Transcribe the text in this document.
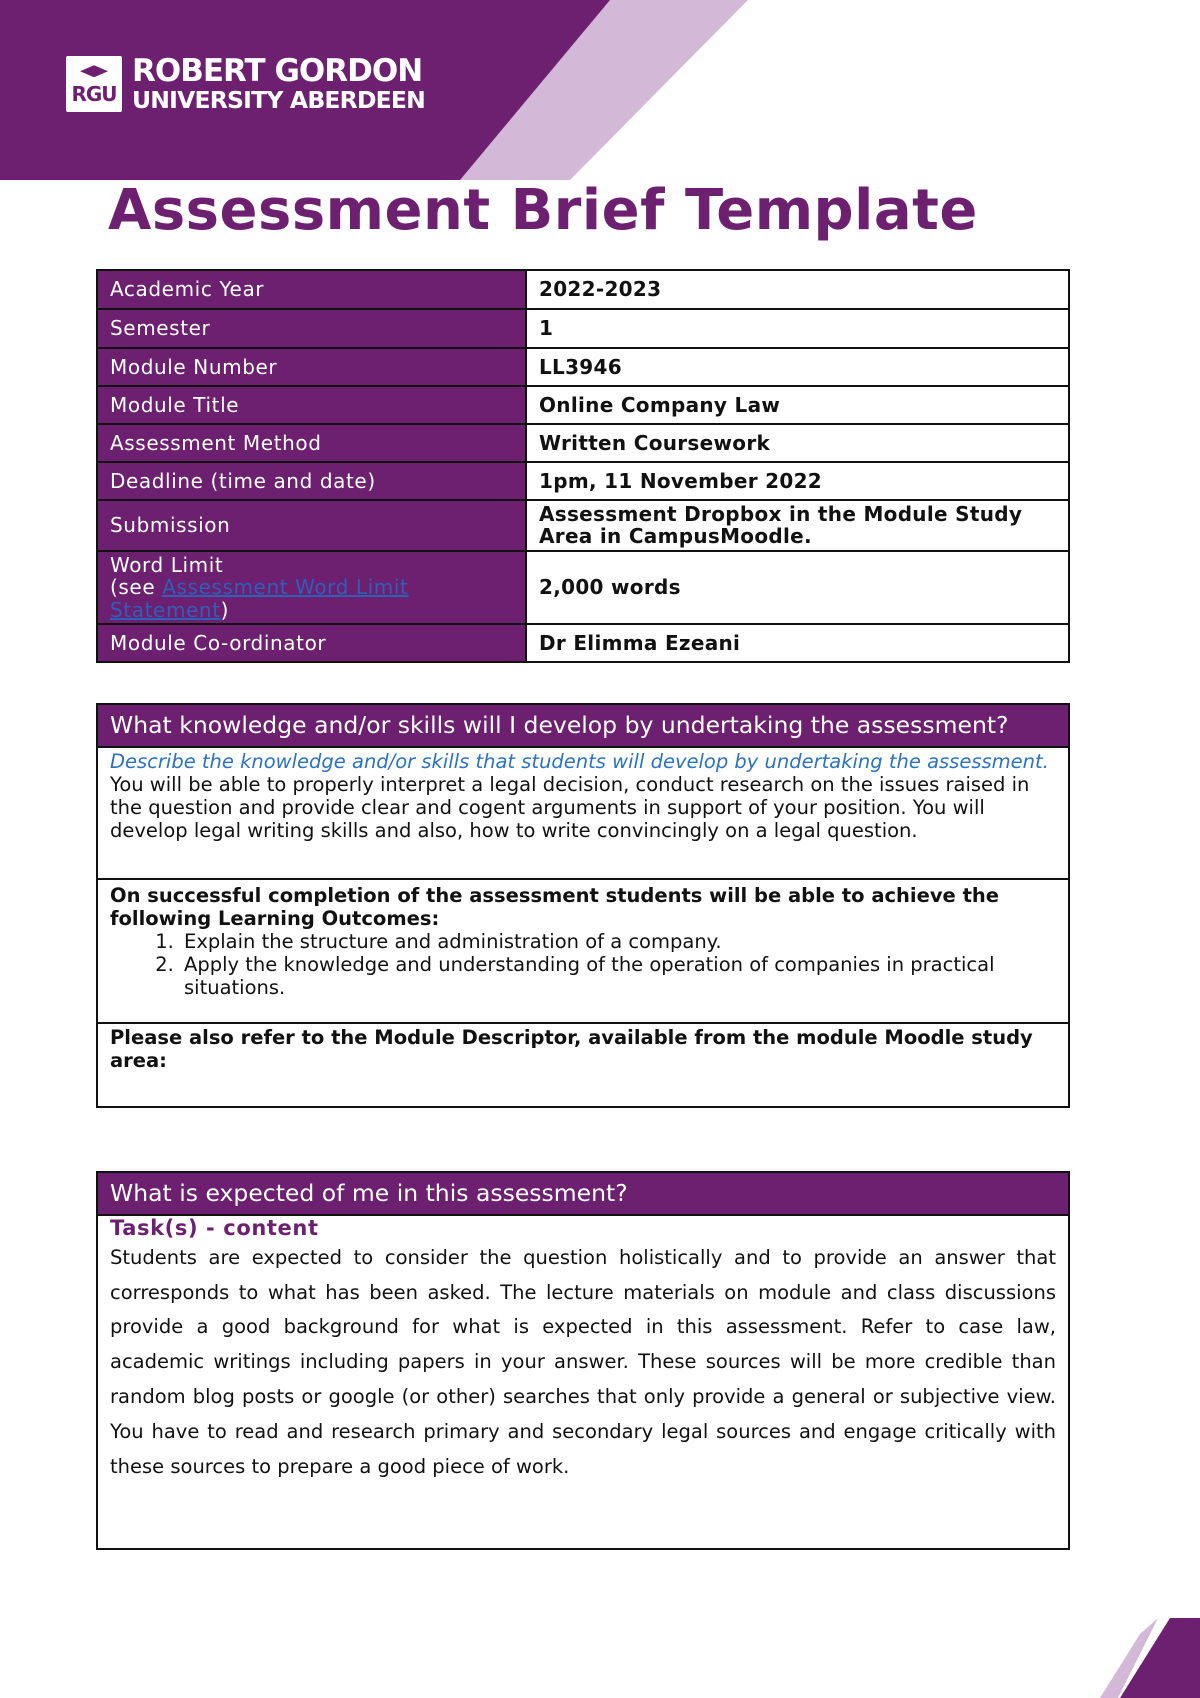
RGU
ROBERT GORDON
UNIVERSITY ABERDEEN
Assessment Brief Template
Academic Year	2022-2023
Semester	1
Module Number	LL3946
Module Title	Online Company Law
Assessment Method	Written Coursework
Deadline (time and date)	1pm, 11 November 2022
Submission	Assessment Dropbox in the Module Study Area in CampusMoodle.
Word Limit
(see Assessment Word Limit Statement)	2,000 words
Module Co-ordinator	Dr Elimma Ezeani
What knowledge and/or skills will I develop by undertaking the assessment?
Describe the knowledge and/or skills that students will develop by undertaking the assessment.
You will be able to properly interpret a legal decision, conduct research on the issues raised in the question and provide clear and cogent arguments in support of your position. You will develop legal writing skills and also, how to write convincingly on a legal question.
On successful completion of the assessment students will be able to achieve the following Learning Outcomes:
1. Explain the structure and administration of a company.
2. Apply the knowledge and understanding of the operation of companies in practical situations.
Please also refer to the Module Descriptor, available from the module Moodle study area:
What is expected of me in this assessment?
Task(s) - content
Students are expected to consider the question holistically and to provide an answer that corresponds to what has been asked. The lecture materials on module and class discussions provide a good background for what is expected in this assessment. Refer to case law, academic writings including papers in your answer. These sources will be more credible than random blog posts or google (or other) searches that only provide a general or subjective view. You have to read and research primary and secondary legal sources and engage critically with these sources to prepare a good piece of work.
